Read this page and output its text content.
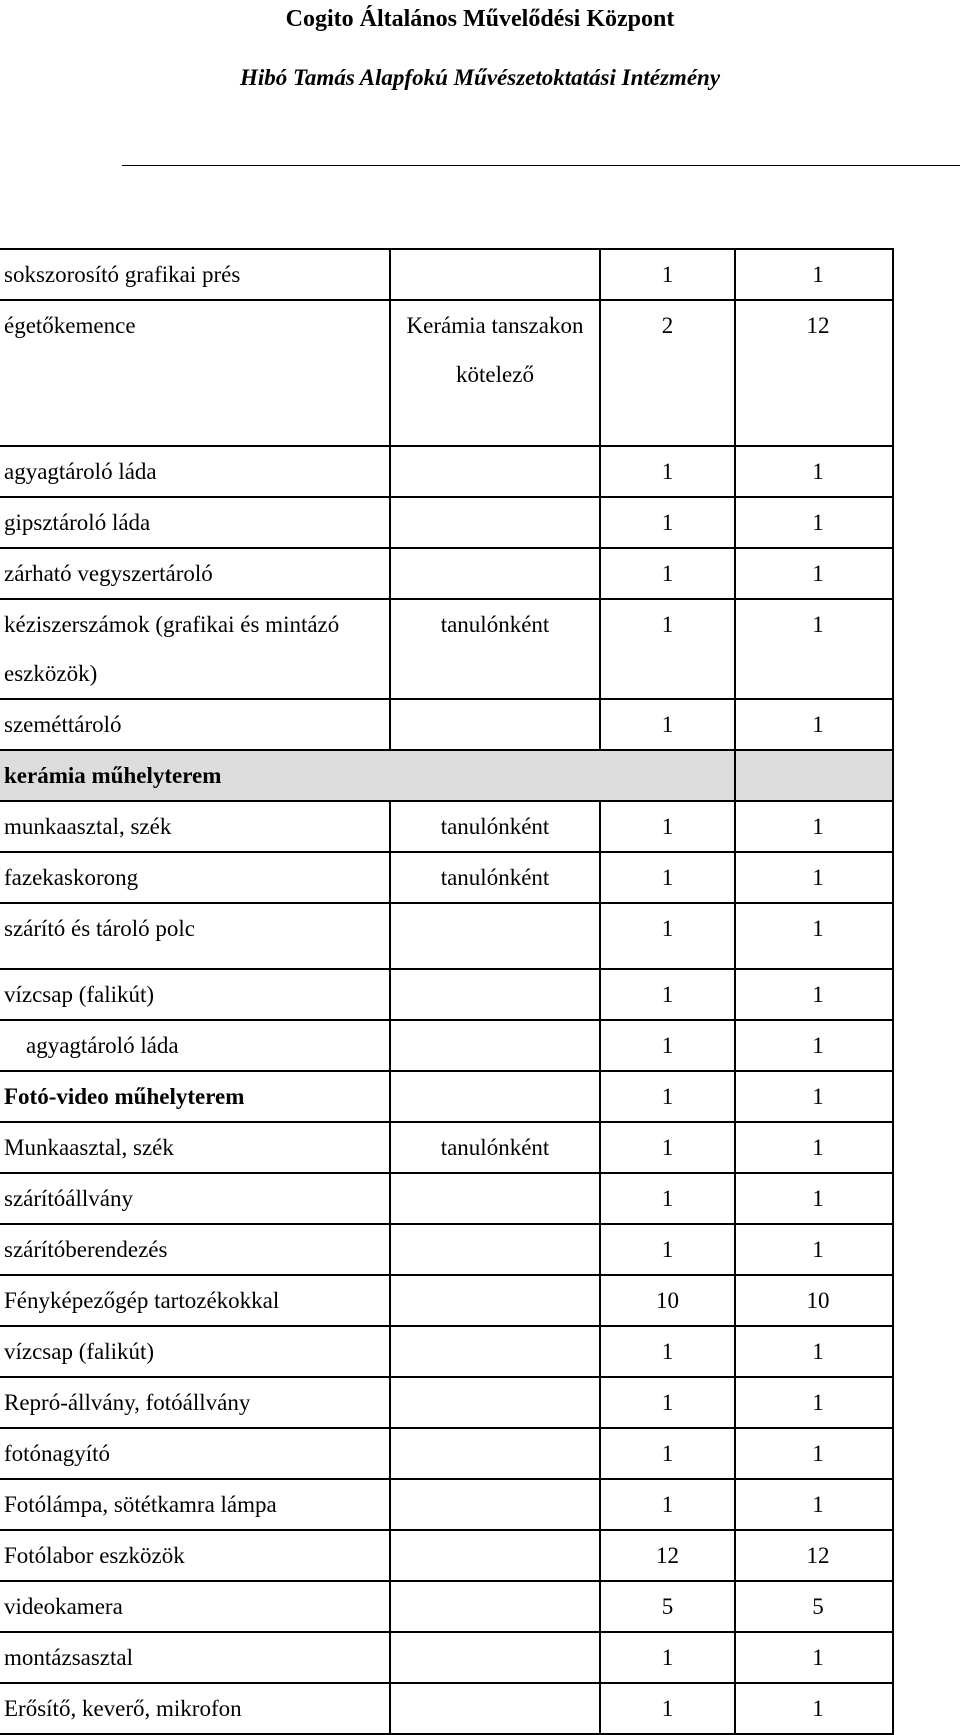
Cogito Általános Művelődési Központ
Hibó Tamás Alapfokú Művészetoktatási Intézmény
sokszorosító grafikai prés		1	1
égetőkemence	Kerámia tanszakon kötelező	2	12
agyagtároló láda		1	1
gipsztároló láda		1	1
zárható vegyszertároló		1	1
kéziszerszámok (grafikai és mintázó eszközök)	tanulónként	1	1
szeméttároló		1	1
kerámia műhelyterem			
munkaasztal, szék	tanulónként	1	1
fazekaskorong	tanulónként	1	1
szárító és tároló polc		1	1
vízcsap (falikút)		1	1
agyagtároló láda		1	1
Fotó-video műhelyterem		1	1
Munkaasztal, szék	tanulónként	1	1
szárítóállvány		1	1
szárítóberendezés		1	1
Fényképezőgép tartozékokkal		10	10
vízcsap (falikút)		1	1
Repró-állvány, fotóállvány		1	1
fotónagyító		1	1
Fotólámpa, sötétkamra lámpa		1	1
Fotólabor eszközök		12	12
videokamera		5	5
montázsasztal		1	1
Erősítő, keverő, mikrofon		1	1
